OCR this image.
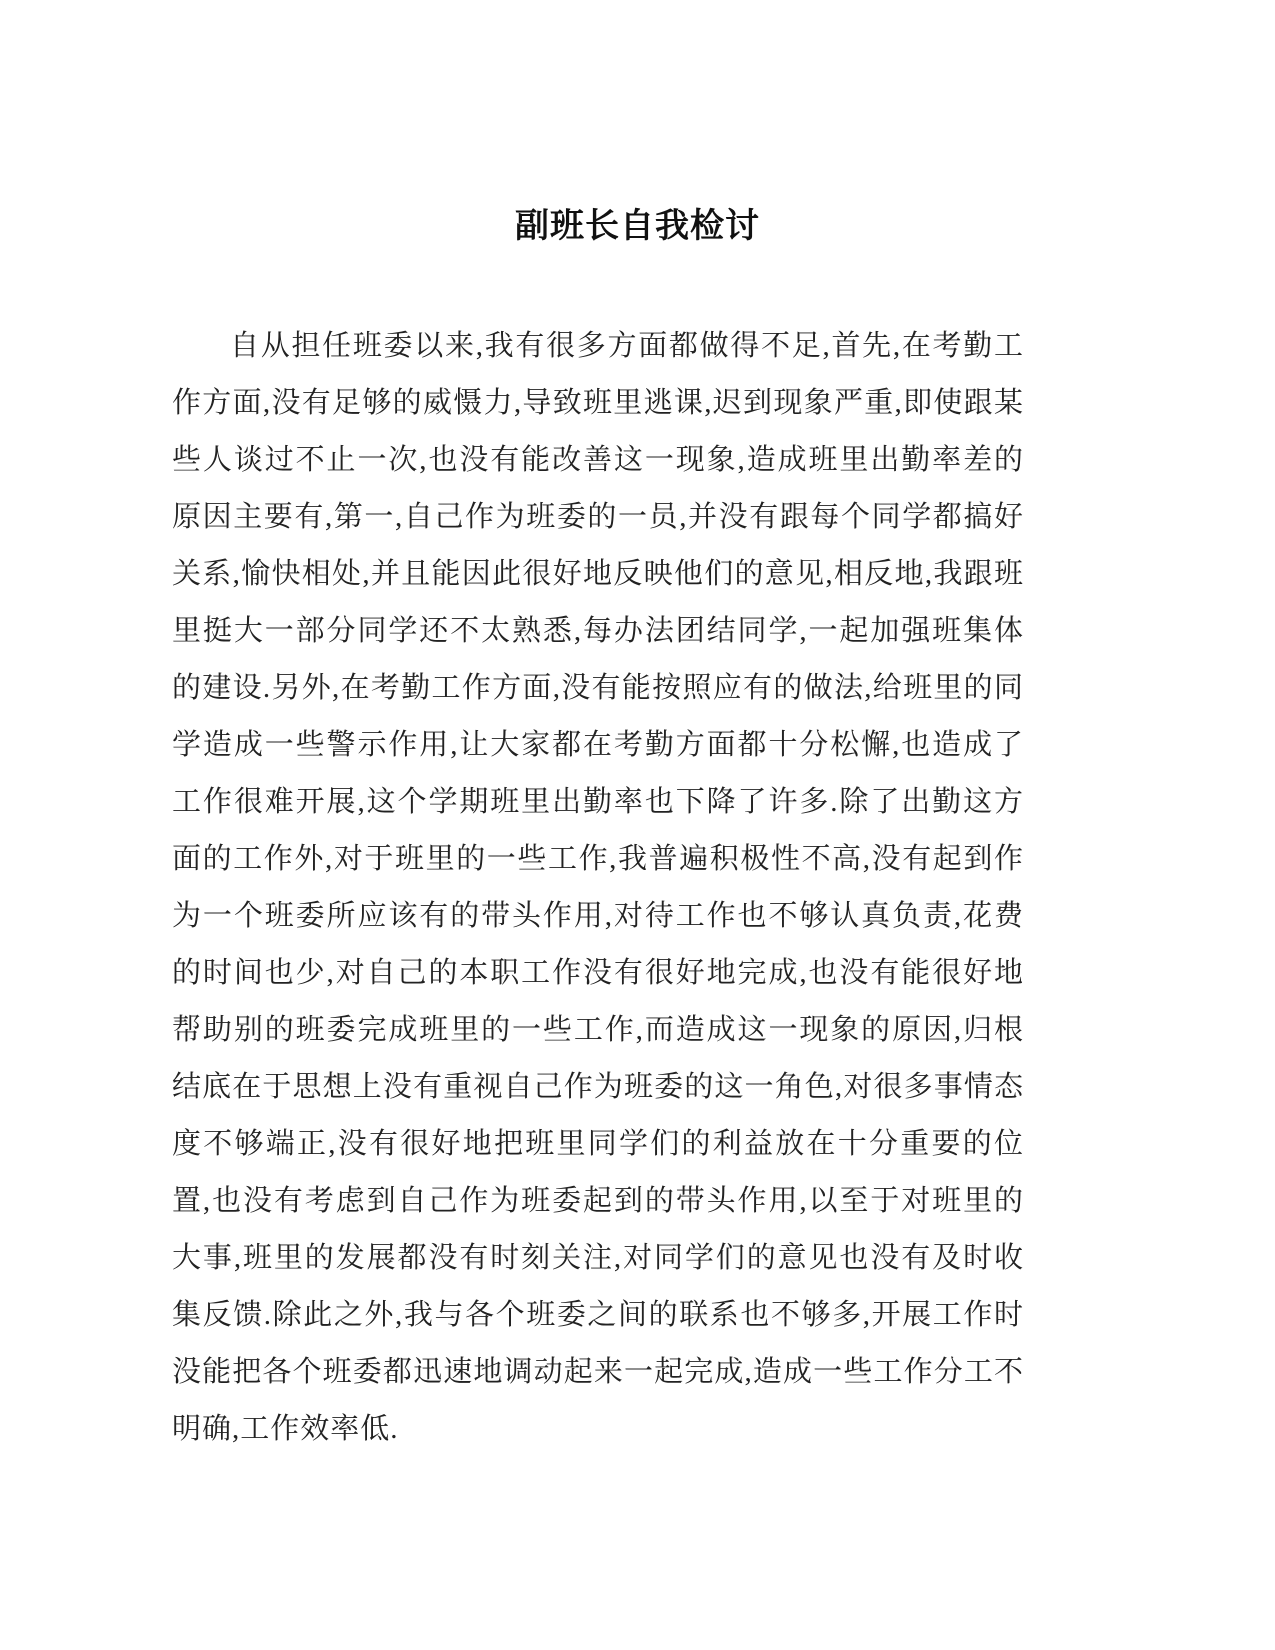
副班长自我检讨

自从担任班委以来,我有很多方面都做得不足,首先,在考勤工作方面,没有足够的威慑力,导致班里逃课,迟到现象严重,即使跟某些人谈过不止一次,也没有能改善这一现象,造成班里出勤率差的原因主要有,第一,自己作为班委的一员,并没有跟每个同学都搞好关系,愉快相处,并且能因此很好地反映他们的意见,相反地,我跟班里挺大一部分同学还不太熟悉,每办法团结同学,一起加强班集体的建设.另外,在考勤工作方面,没有能按照应有的做法,给班里的同学造成一些警示作用,让大家都在考勤方面都十分松懈,也造成了工作很难开展,这个学期班里出勤率也下降了许多.除了出勤这方面的工作外,对于班里的一些工作,我普遍积极性不高,没有起到作为一个班委所应该有的带头作用,对待工作也不够认真负责,花费的时间也少,对自己的本职工作没有很好地完成,也没有能很好地帮助别的班委完成班里的一些工作,而造成这一现象的原因,归根结底在于思想上没有重视自己作为班委的这一角色,对很多事情态度不够端正,没有很好地把班里同学们的利益放在十分重要的位置,也没有考虑到自己作为班委起到的带头作用,以至于对班里的大事,班里的发展都没有时刻关注,对同学们的意见也没有及时收集反馈.除此之外,我与各个班委之间的联系也不够多,开展工作时没能把各个班委都迅速地调动起来一起完成,造成一些工作分工不明确,工作效率低.
